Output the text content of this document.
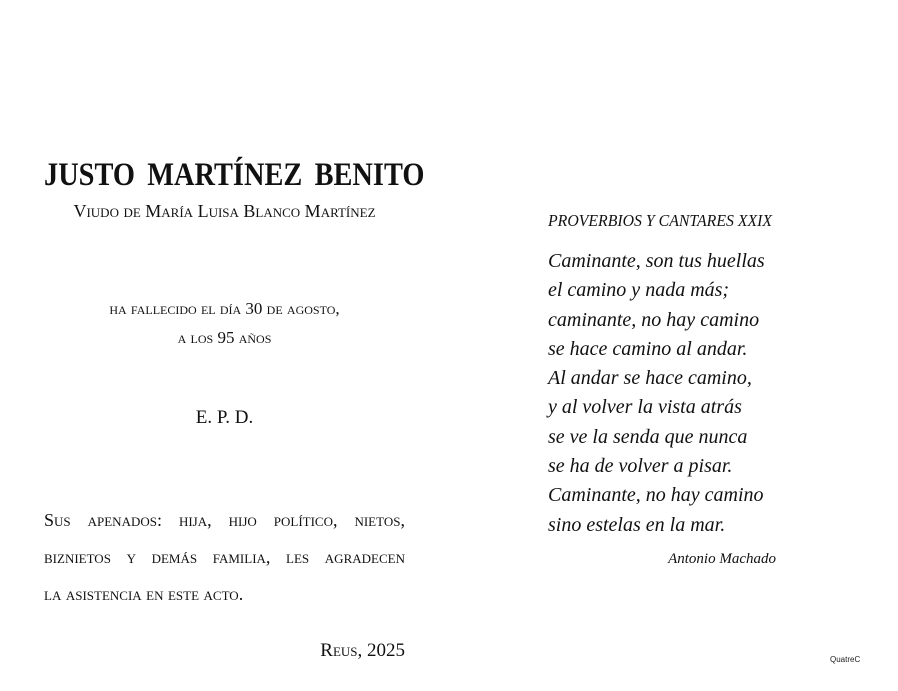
JUSTO MARTÍNEZ BENITO
Viudo de María Luisa Blanco Martínez
ha fallecido el día 30 de agosto,
a los 95 años
E. P. D.
Sus apenados: hija, hijo político, nietos,
biznietos y demás familia, les agradecen
la asistencia en este acto.
Reus, 2025
PROVERBIOS Y CANTARES XXIX
Caminante, son tus huellas
el camino y nada más;
caminante, no hay camino
se hace camino al andar.
Al andar se hace camino,
y al volver la vista atrás
se ve la senda que nunca
se ha de volver a pisar.
Caminante, no hay camino
sino estelas en la mar.
Antonio Machado
QuatreC
